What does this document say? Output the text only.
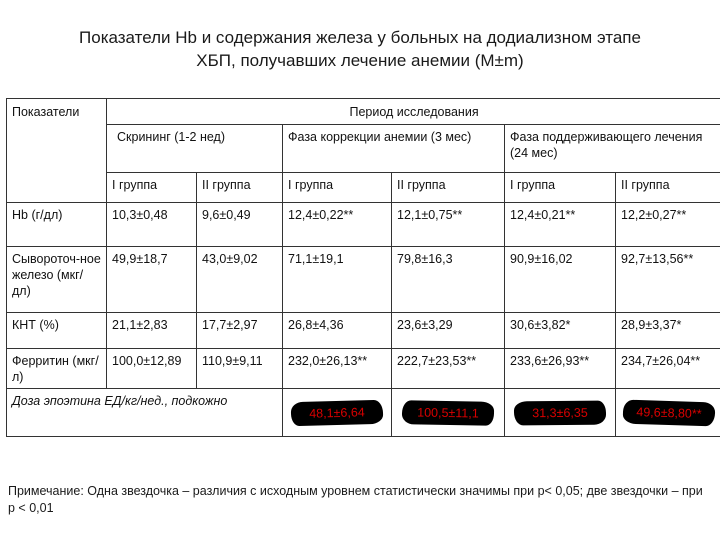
Показатели Hb и содержания железа у больных на додиализном этапе
ХБП, получавших лечение анемии (M±m)
Показатели	Период исследования					
	Скрининг (1-2 нед)		Фаза коррекции анемии (3 мес)		Фаза поддерживающего лечения (24 мес)	
	I группа	II группа	I группа	II группа	I группа	II группа
Hb (г/дл)	10,3±0,48	9,6±0,49	12,4±0,22**	12,1±0,75**	12,4±0,21**	12,2±0,27**
Сывороточ-ное железо (мкг/дл)	49,9±18,7	43,0±9,02	71,1±19,1	79,8±16,3	90,9±16,02	92,7±13,56**
КНТ (%)	21,1±2,83	17,7±2,97	26,8±4,36	23,6±3,29	30,6±3,82*	28,9±3,37*
Ферритин (мкг/л)	100,0±12,89	110,9±9,11	232,0±26,13**	222,7±23,53**	233,6±26,93**	234,7±26,04**
Доза эпоэтина ЕД/кг/нед., подкожно			48,1±6,64	100,5±11,1	31,3±6,35	49,6±8,80**
Примечание: Одна звездочка – различия с исходным уровнем статистически значимы при p< 0,05; две звездочки – при p < 0,01
